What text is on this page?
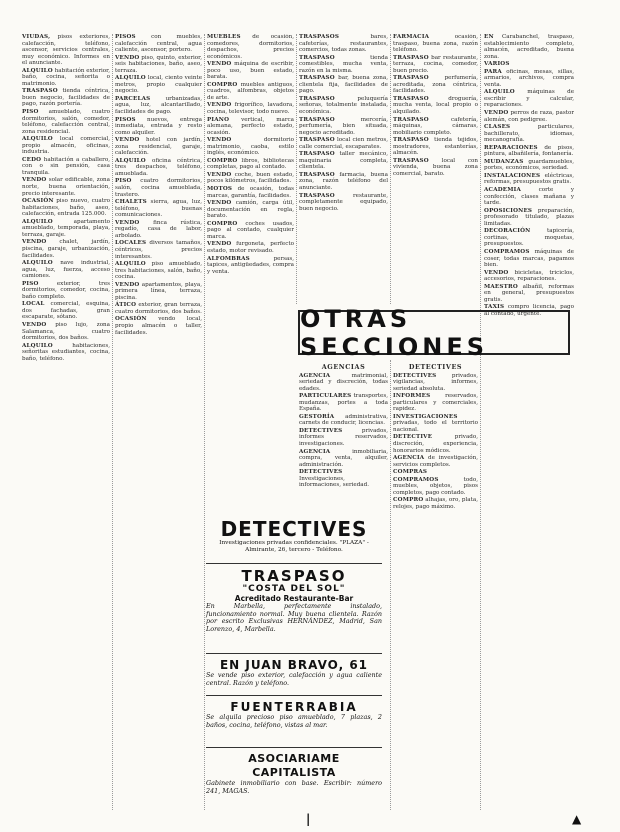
VIUDAS, pisos exteriores, calefacción, teléfono, ascensor, servicios centrales, muy económico. Informes en el anunciante.
ALQUILO habitación exterior, baño, cocina, señorita o matrimonio.
TRASPASO tienda céntrica, buen negocio, facilidades de pago, razón portería.
PISO amueblado, cuatro dormitorios, salón, comedor, teléfono, calefacción central, zona residencial.
ALQUILO local comercial, propio almacén, oficinas, industria.
CEDO habitación a caballero, con o sin pensión, casa tranquila.
VENDO solar edificable, zona norte, buena orientación, precio interesante.
OCASIÓN piso nuevo, cuatro habitaciones, baño, aseo, calefacción, entrada 125.000.
ALQUILO	apartamento amueblado, temporada, playa, terraza, garaje.
VENDO chalet, jardín, piscina, garaje, urbanización, facilidades.
ALQUILO nave industrial, agua, luz, fuerza, acceso camiones.
PISO	exterior, tres dormitorios, comedor, cocina, baño completo.
LOCAL comercial, esquina, dos fachadas, gran escaparate, sótano.
VENDO piso lujo, zona Salamanca, cuatro dormitorios, dos baños.
ALQUILO	habitaciones, señoritas estudiantes, cocina, baño, teléfono.
PISOS	con muebles, calefacción central, agua caliente, ascensor, portero.
VENDO piso, quinto, exterior, seis habitaciones, baño, aseo, terraza.
ALQUILO local, ciento veinte metros, propio cualquier negocio.
PARCELAS	urbanizadas, agua, luz, alcantarillado, facilidades de pago.
PISOS nuevos, entrega inmediata, entrada y resto como alquiler.
VENDO hotel con jardín, zona residencial, garaje, calefacción.
ALQUILO oficina céntrica, tres despachos, teléfono, amueblada.
PISO cuatro dormitorios, salón, cocina amueblada, trastero.
CHALETS sierra, agua, luz, teléfono, buenas comunicaciones.
VENDO finca rústica, regadío, casa de labor, arbolado.
LOCALES diversos tamaños, céntricos, precios interesantes.
ALQUILO piso amueblado, tres habitaciones, salón, baño, cocina.
VENDO apartamentos, playa, primera línea, terraza, piscina.
ÁTICO exterior, gran terraza, cuatro dormitorios, dos baños.
OCASIÓN vendo local, propio almacén o taller, facilidades.
MUEBLES de ocasión, comedores, dormitorios, despachos, precios económicos.
VENDO máquina de escribir, poco uso, buen estado, barata.
COMPRO muebles antiguos, cuadros, alfombras, objetos de arte.
VENDO frigorífico, lavadora, cocina, televisor, todo nuevo.
PIANO vertical, marca alemana, perfecto estado, ocasión.
VENDO	dormitorio matrimonio, caoba, estilo inglés, económico.
COMPRO libros, bibliotecas completas, pago al contado.
VENDO coche, buen estado, pocos kilómetros, facilidades.
MOTOS de ocasión, todas marcas, garantía, facilidades.
VENDO camión, carga útil, documentación en regla, barato.
COMPRO coches usados, pago al contado, cualquier marca.
VENDO furgoneta, perfecto estado, motor revisado.
ALFOMBRAS	persas, tapices, antigüedades, compra y venta.
TRASPASOS	bares, cafeterías, restaurantes, comercios, todas zonas.
TRASPASO	tienda comestibles, mucha venta, razón en la misma.
TRASPASO bar, buena zona, clientela fija, facilidades de pago.
TRASPASO	peluquería señoras, totalmente instalada, económica.
TRASPASO	mercería, perfumería, bien situada, negocio acreditado.
TRASPASO local cien metros, calle comercial, escaparates.
TRASPASO taller mecánico, maquinaria completa, clientela.
TRASPASO farmacia, buena zona, razón teléfono del anunciante.
TRASPASO	restaurante, completamente equipado, buen negocio.
FARMACIA	ocasión, traspaso, buena zona, razón teléfono.
TRASPASO bar restaurante, terraza, cocina, comedor, buen precio.
TRASPASO	perfumería, acreditada, zona céntrica, facilidades.
TRASPASO	droguería, mucha venta, local propio o alquilado.
TRASPASO	cafetería, máquinas, cámaras, mobiliario completo.
TRASPASO tienda tejidos, mostradores, estanterías, almacén.
TRASPASO local con vivienda, buena zona comercial, barato.
EN Carabanchel, traspaso, establecimiento completo, almacén, acreditado, buena zona.
VARIOS
PARA oficinas, mesas, sillas, armarios, archivos, compra venta.
ALQUILO máquinas de escribir y calcular, reparaciones.
VENDO perros de raza, pastor alemán, con pedigree.
CLASES	particulares, bachillerato, idiomas, mecanografía.
REPARACIONES de pisos, pintura, albañilería, fontanería.
MUDANZAS guardamuebles, portes, económicos, seriedad.
INSTALACIONES eléctricas, reformas, presupuestos gratis.
ACADEMIA	corte y confección, clases mañana y tarde.
OPOSICIONES preparación, profesorado titulado, plazas limitadas.
DECORACIÓN	tapicería, cortinas, moquetas, presupuestos.
COMPRAMOS máquinas de coser, todas marcas, pagamos bien.
VENDO bicicletas, triciclos, accesorios, reparaciones.
MAESTRO albañil, reformas en general, presupuestos gratis.
TAXIS compro licencia, pago al contado, urgente.
OTRAS SECCIONES
AGENCIAS
AGENCIA	matrimonial, seriedad y discreción, todas edades.
PARTICULARES transportes, mudanzas, portes a toda España.
GESTORÍA administrativa, carnets de conducir, licencias.
DETECTIVES	privados, informes reservados, investigaciones.
AGENCIA	inmobiliaria, compra, venta, alquiler, administración.
DETECTIVES Investigaciones, informaciones, seriedad.
DETECTIVES
DETECTIVES	privados, vigilancias, informes, seriedad absoluta.
INFORMES	reservados, particulares y comerciales, rapidez.
INVESTIGACIONES privadas, todo el territorio nacional.
DETECTIVE	privado, discreción, experiencia, honorarios módicos.
AGENCIA de investigación, servicios completos.
COMPRAS
COMPRAMOS	todo, muebles, objetos, pisos completos, pago contado.
COMPRO alhajas, oro, plata, relojes, pago máximo.
DETECTIVES
Investigaciones privadas confidenciales. "PLAZA" - Almirante, 26, tercero - Teléfono.
TRASPASO
"COSTA DEL SOL"
Acreditado Restaurante-Bar
En Marbella, perfectamente instalado, funcionamiento normal. Muy buena clientela. Razón por escrito Exclusivas HERNÁNDEZ, Madrid, San Lorenzo, 4, Marbella.
EN JUAN BRAVO, 61
Se vende piso exterior, calefacción y agua caliente central. Razón y teléfono.
FUENTERRABIA
Se alquila precioso piso amueblado, 7 plazas, 2 baños, cocina, teléfono, vistas al mar.
ASOCIARIAME CAPITALISTA
Gabinete inmobiliario con base. Escribir: número 241, MAGAS.
|	▲
